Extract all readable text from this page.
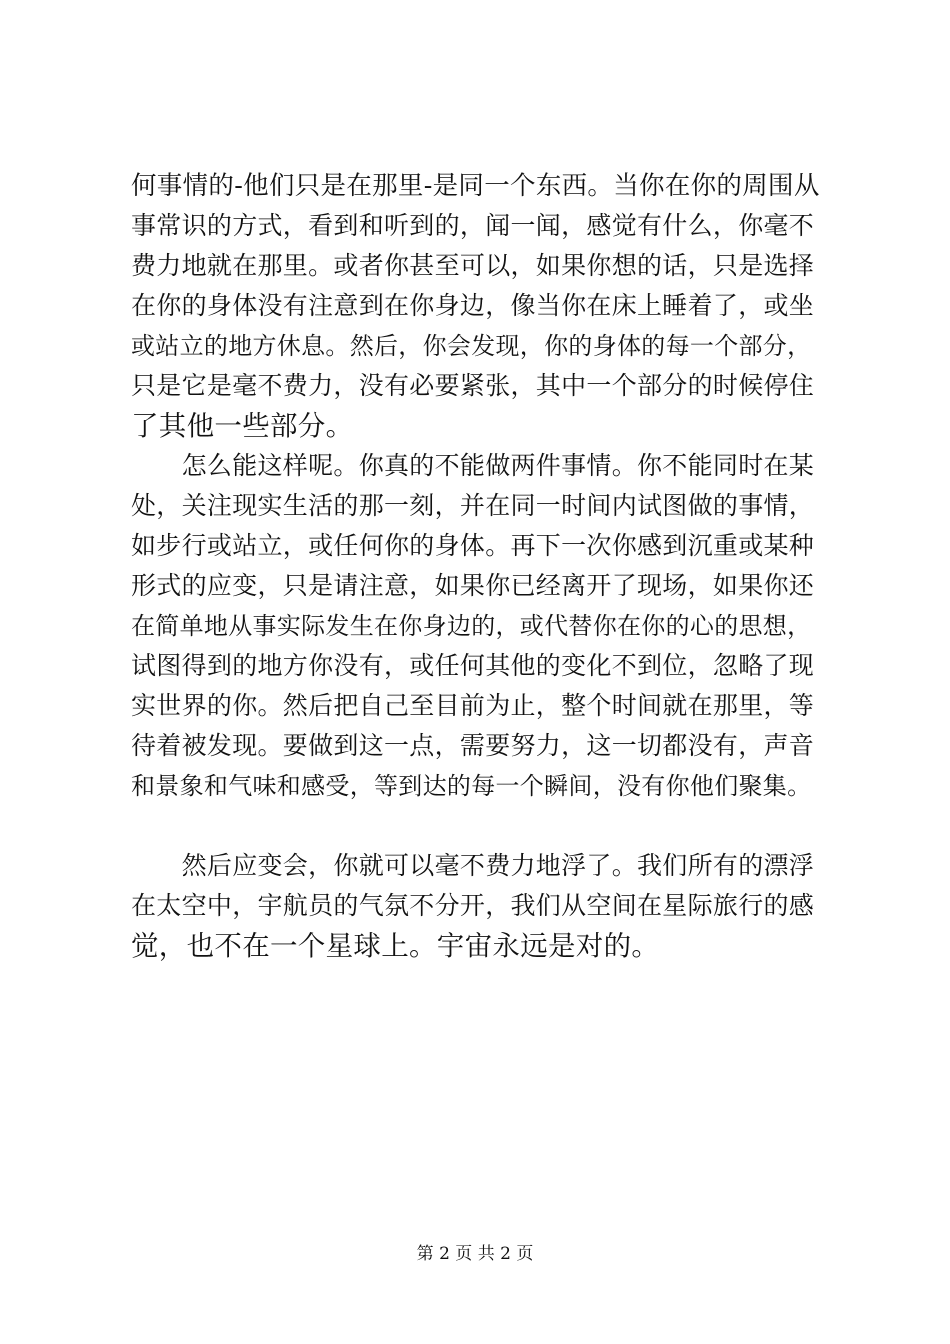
何事情的-他们只是在那里-是同一个东西。当你在你的周围从
事常识的方式，看到和听到的，闻一闻，感觉有什么，你毫不
费力地就在那里。或者你甚至可以，如果你想的话，只是选择
在你的身体没有注意到在你身边，像当你在床上睡着了，或坐
或站立的地方休息。然后，你会发现，你的身体的每一个部分，
只是它是毫不费力，没有必要紧张，其中一个部分的时候停住
了其他一些部分。

　　怎么能这样呢。你真的不能做两件事情。你不能同时在某
处，关注现实生活的那一刻，并在同一时间内试图做的事情，
如步行或站立，或任何你的身体。再下一次你感到沉重或某种
形式的应变，只是请注意，如果你已经离开了现场，如果你还
在简单地从事实际发生在你身边的，或代替你在你的心的思想，
试图得到的地方你没有，或任何其他的变化不到位，忽略了现
实世界的你。然后把自己至目前为止，整个时间就在那里，等
待着被发现。要做到这一点，需要努力，这一切都没有，声音
和景象和气味和感受，等到达的每一个瞬间，没有你他们聚集。

　　然后应变会，你就可以毫不费力地浮了。我们所有的漂浮
在太空中，宇航员的气氛不分开，我们从空间在星际旅行的感
觉，也不在一个星球上。宇宙永远是对的。

第 2 页 共 2 页
